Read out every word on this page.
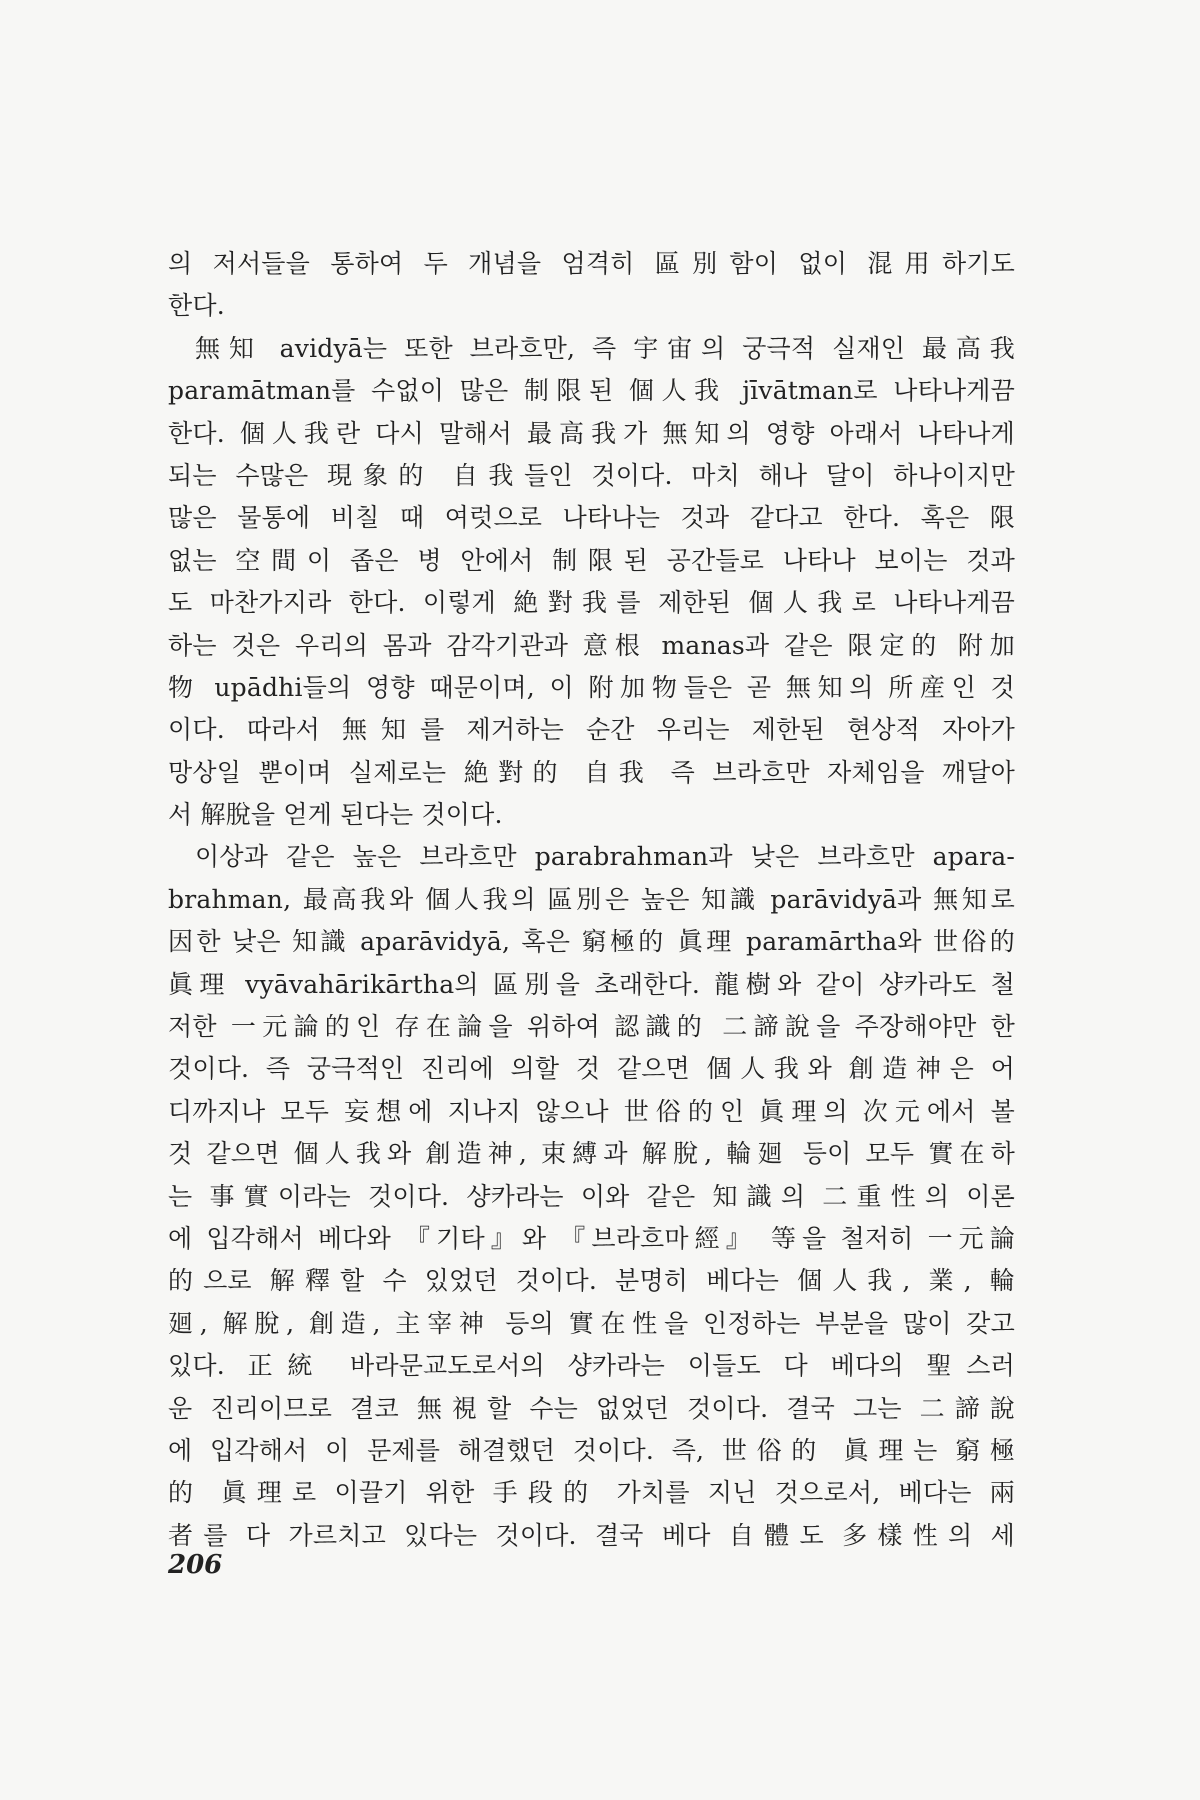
의 저서들을 통하여 두 개념을 엄격히 區別함이 없이 混用하기도
한다.
無知 avidyā는 또한 브라흐만, 즉 宇宙의 궁극적 실재인 最高我
paramātman를 수없이 많은 制限된 個人我 jīvātman로 나타나게끔
한다. 個人我란 다시 말해서 最高我가 無知의 영향 아래서 나타나게
되는 수많은 現象的 自我들인 것이다. 마치 해나 달이 하나이지만
많은 물통에 비칠 때 여럿으로 나타나는 것과 같다고 한다. 혹은 限
없는 空間이 좁은 병 안에서 制限된 공간들로 나타나 보이는 것과
도 마찬가지라 한다. 이렇게 絶對我를 제한된 個人我로 나타나게끔
하는 것은 우리의 몸과 감각기관과 意根 manas과 같은 限定的 附加
物 upādhi들의 영향 때문이며, 이 附加物들은 곧 無知의 所産인 것
이다. 따라서 無知를 제거하는 순간 우리는 제한된 현상적 자아가
망상일 뿐이며 실제로는 絶對的 自我 즉 브라흐만 자체임을 깨달아
서 解脫을 얻게 된다는 것이다.
이상과 같은 높은 브라흐만 parabrahman과 낮은 브라흐만 apara-
brahman, 最高我와 個人我의 區別은 높은 知識 parāvidyā과 無知로
因한 낮은 知識 aparāvidyā, 혹은 窮極的 眞理 paramārtha와 世俗的
眞理 vyāvahārikārtha의 區別을 초래한다. 龍樹와 같이 샹카라도 철
저한 一元論的인 存在論을 위하여 認識的 二諦說을 주장해야만 한
것이다. 즉 궁극적인 진리에 의할 것 같으면 個人我와 創造神은 어
디까지나 모두 妄想에 지나지 않으나 世俗的인 眞理의 次元에서 볼
것 같으면 個人我와 創造神, 束縛과 解脫, 輪廻 등이 모두 實在하
는 事實이라는 것이다. 샹카라는 이와 같은 知識의 二重性의 이론
에 입각해서 베다와 『기타』와 『브라흐마經』 等을 철저히 一元論
的으로 解釋할 수 있었던 것이다. 분명히 베다는 個人我, 業, 輪
廻, 解脫, 創造, 主宰神 등의 實在性을 인정하는 부분을 많이 갖고
있다. 正統 바라문교도로서의 샹카라는 이들도 다 베다의 聖스러
운 진리이므로 결코 無視할 수는 없었던 것이다. 결국 그는 二諦說
에 입각해서 이 문제를 해결했던 것이다. 즉, 世俗的 眞理는 窮極
的 眞理로 이끌기 위한 手段的 가치를 지닌 것으로서, 베다는 兩
者를 다 가르치고 있다는 것이다. 결국 베다 自體도 多樣性의 세
206
